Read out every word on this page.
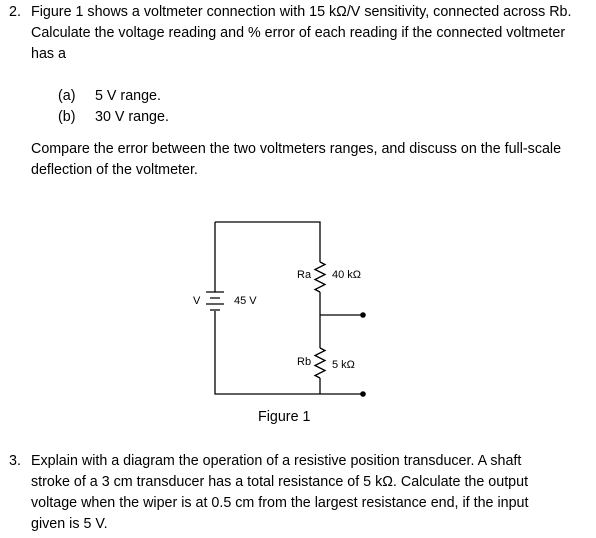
2. Figure 1 shows a voltmeter connection with 15 kΩ/V sensitivity, connected across Rb.
Calculate the voltage reading and % error of each reading if the connected voltmeter
has a
(a) 5 V range.
(b) 30 V range.
Compare the error between the two voltmeters ranges, and discuss on the full-scale
deflection of the voltmeter.
V	45 V
Ra 40 kΩ
Rb 5 kΩ
Figure 1
3. Explain with a diagram the operation of a resistive position transducer. A shaft
stroke of a 3 cm transducer has a total resistance of 5 kΩ. Calculate the output
voltage when the wiper is at 0.5 cm from the largest resistance end, if the input
given is 5 V.
